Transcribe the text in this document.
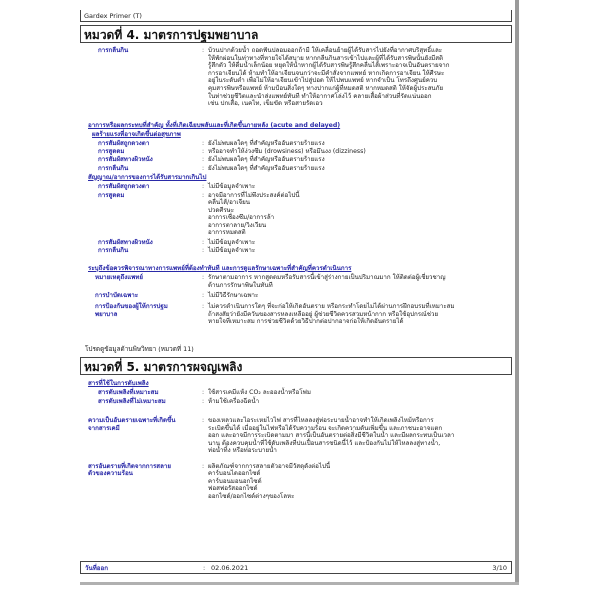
Gardex Primer (T)
หมวดที่ 4. มาตรการปฐมพยาบาล
การกลืนกิน	: บ้วนปากด้วยน้ำ ถอดฟันปลอมออกถ้ามี ให้เคลื่อนย้ายผู้ได้รับสารไปยังที่อากาศบริสุทธิ์และ
ให้พักผ่อนในท่าทางที่หายใจได้สบาย หากกลืนกินสารเข้าไปและผู้ที่ได้รับสารพิษนั้นยังมีสติ
รู้สึกตัว ให้ดื่มน้ำเล็กน้อย หยุดให้น้ำหากผู้ได้รับสารพิษรู้สึกคลื่นไส้เพราะอาจเป็นอันตรายจาก
การอาเจียนได้ ห้ามทำให้อาเจียนจนกว่าจะมีคำสั่งจากแพทย์ หากเกิดการอาเจียน ให้ศีรษะ
อยู่ในระดับต่ำ เพื่อไม่ให้อาเจียนเข้าไปสู่ปอด ให้ไปพบแพทย์ หากจำเป็น โทรถึงศูนย์ควบ
คุมสารพิษหรือแพทย์ ห้ามป้อนสิ่งใดๆ ทางปากแก่ผู้ที่หมดสติ หากหมดสติ ให้จัดผู้ประสบภัย
ในท่าช่วยชีวิตและนำส่งแพทย์ทันที ทำให้อากาศโล่งไว้ คลายเสื้อผ้าส่วนที่รัดแน่นออก
เช่น ปกเสื้อ, เนคไท, เข็มขัด หรือสายรัดเอว
อาการหรือผลกระทบที่สำคัญ ทั้งที่เกิดเฉียบพลันและที่เกิดขึ้นภายหลัง (acute and delayed)
ผลร้ายแรงที่อาจเกิดขึ้นต่อสุขภาพ
การสัมผัสถูกดวงตา	: ยังไม่พบผลใดๆ ที่สำคัญหรืออันตรายร้ายแรง
การสูดดม	: หรืออาจทำให้ง่วงซึม (drowsiness) หรือมึนงง (dizziness)
การสัมผัสทางผิวหนัง	: ยังไม่พบผลใดๆ ที่สำคัญหรืออันตรายร้ายแรง
การกลืนกิน	: ยังไม่พบผลใดๆ ที่สำคัญหรืออันตรายร้ายแรง
สัญญาณ/อาการของการได้รับสารมากเกินไป
การสัมผัสถูกดวงตา	: ไม่มีข้อมูลจำเพาะ
การสูดดม	: อาจมีอาการที่ไม่พึงประสงค์ต่อไปนี้
คลื่นไส้/อาเจียน
ปวดศีรษะ
อาการเซื่องซึม/อาการล้า
อาการตาลาย/วิงเวียน
อาการหมดสติ
การสัมผัสทางผิวหนัง	: ไม่มีข้อมูลจำเพาะ
การกลืนกิน	: ไม่มีข้อมูลจำเพาะ
ระบุถึงข้อควรพิจารณาทางการแพทย์ที่ต้องทำทันที และการดูแลรักษาเฉพาะที่สำคัญที่ควรดำเนินการ
หมายเหตุถึงแพทย์	: รักษาตามอาการ หากสูดดมหรือรับสารนี้เข้าสู่ร่างกายเป็นปริมาณมาก ให้ติดต่อผู้เชี่ยวชาญ
ด้านการรักษาพิษในทันที
การบำบัดเฉพาะ	: ไม่มีวิธีรักษาเฉพาะ
การป้องกันของผู้ให้การปฐม
พยาบาล
: ไม่ควรดำเนินการใดๆ ที่จะก่อให้เกิดอันตราย หรือกระทำโดยไม่ได้ผ่านการฝึกอบรมที่เหมาะสม
ถ้าสงสัยว่ายังมีควันของสารหลงเหลืออยู่ ผู้ช่วยชีวิตควรสวมหน้ากาก หรือใช้อุปกรณ์ช่วย
หายใจที่เหมาะสม การช่วยชีวิตด้วยวิธีปากต่อปากอาจก่อให้เกิดอันตรายได้
โปรดดูข้อมูลด้านพิษวิทยา (หมวดที่ 11)
หมวดที่ 5. มาตรการผจญเพลิง
สารที่ใช้ในการดับเพลิง
สารดับเพลิงที่เหมาะสม	: ใช้สารเคมีแห้ง CO₂ ละอองน้ำหรือโฟม
สารดับเพลิงที่ไม่เหมาะสม	: ห้ามใช้เครื่องฉีดน้ำ
ความเป็นอันตรายเฉพาะที่เกิดขึ้น
จากสารเคมี
: ของเหลวและไอระเหยไวไฟ สารที่ไหลลงสู่ท่อระบายน้ำอาจทำให้เกิดเพลิงไหม้หรือการ
ระเบิดขึ้นได้ เมื่ออยู่ในไฟหรือได้รับความร้อน จะเกิดความดันเพิ่มขึ้น และภาชนะอาจแตก
ออก และอาจมีการระเบิดตามมา สารนี้เป็นอันตรายต่อสิ่งมีชีวิตในน้ำ และมีผลกระทบเป็นเวลา
นาน ต้องควบคุมน้ำที่ใช้ดับเพลิงที่ปนเปื้อนสารชนิดนี้ไว้ และป้องกันไม่ให้ไหลลงสู่ทางน้ำ,
ท่อน้ำทิ้ง หรือท่อระบายน้ำ
สารอันตรายที่เกิดจากการสลาย
ตัวของความร้อน
: ผลิตภัณฑ์จากการสลายตัวอาจมีวัสดุดังต่อไปนี้
คาร์บอนไดออกไซด์
คาร์บอนมอนอกไซด์
ฟอสฟอรัสออกไซด์
ออกไซด์/ออกไซด์ต่างๆของโลหะ
วันที่ออก	: 02.06.2021	3/10
